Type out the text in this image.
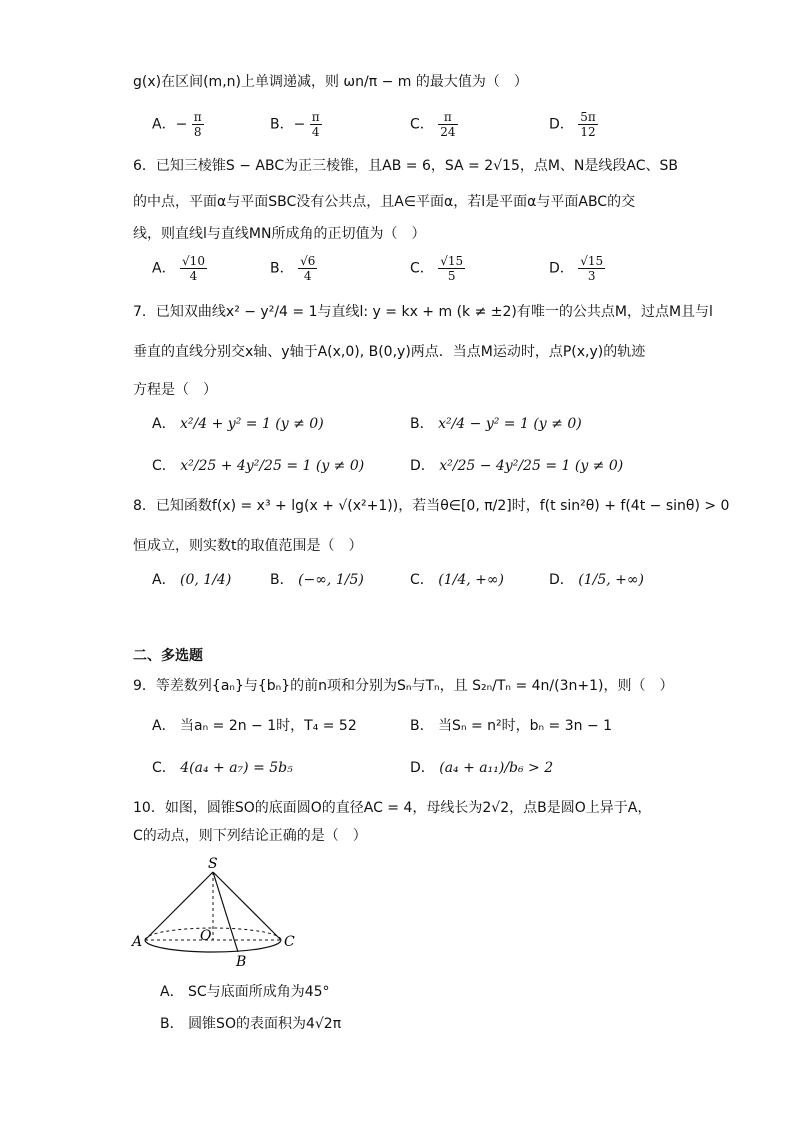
g(x)在区间(m,n)上单调递减，则 ωn/π − m 的最大值为（　）
A．− $\frac{\pi}{8}$	B．− $\frac{\pi}{4}$	C． $\frac{\pi}{24}$	D． $\frac{5\pi}{12}$
6．已知三棱锥S − ABC为正三棱锥，且AB = 6，SA = 2√15，点M、N是线段AC、SB
的中点，平面α与平面SBC没有公共点，且A∈平面α，若l是平面α与平面ABC的交
线，则直线l与直线MN所成角的正切值为（　）
A． $\frac{√10}{4}$	B． $\frac{√6}{4}$	C． $\frac{√15}{5}$	D． $\frac{√15}{3}$
7．已知双曲线x² − y²/4 = 1与直线l: y = kx + m (k ≠ ±2)有唯一的公共点M，过点M且与l
垂直的直线分别交x轴、y轴于A(x,0), B(0,y)两点．当点M运动时，点P(x,y)的轨迹
方程是（　）
A． x²/4 + y² = 1 (y ≠ 0)	B． x²/4 − y² = 1 (y ≠ 0)
C． x²/25 + 4y²/25 = 1 (y ≠ 0)	D． x²/25 − 4y²/25 = 1 (y ≠ 0)
8．已知函数f(x) = x³ + lg(x + √(x²+1))，若当θ∈[0, π/2]时，f(t sin²θ) + f(4t − sinθ) > 0
恒成立，则实数t的取值范围是（　）
A． (0, 1/4)	B． (−∞, 1/5)	C． (1/4, +∞)	D． (1/5, +∞)
二、多选题
9．等差数列{aₙ}与{bₙ}的前n项和分别为Sₙ与Tₙ，且 S₂ₙ/Tₙ = 4n/(3n+1)，则（　）
A． 当aₙ = 2n − 1时，T₄ = 52	B． 当Sₙ = n²时，bₙ = 3n − 1
C． 4(a₄ + a₇) = 5b₅	D． (a₄ + a₁₁)/b₆ > 2
10．如图，圆锥SO的底面圆O的直径AC = 4，母线长为2√2，点B是圆O上异于A，
C的动点，则下列结论正确的是（　）
S
O
A	C
B
A． SC与底面所成角为45°
B． 圆锥SO的表面积为4√2π
